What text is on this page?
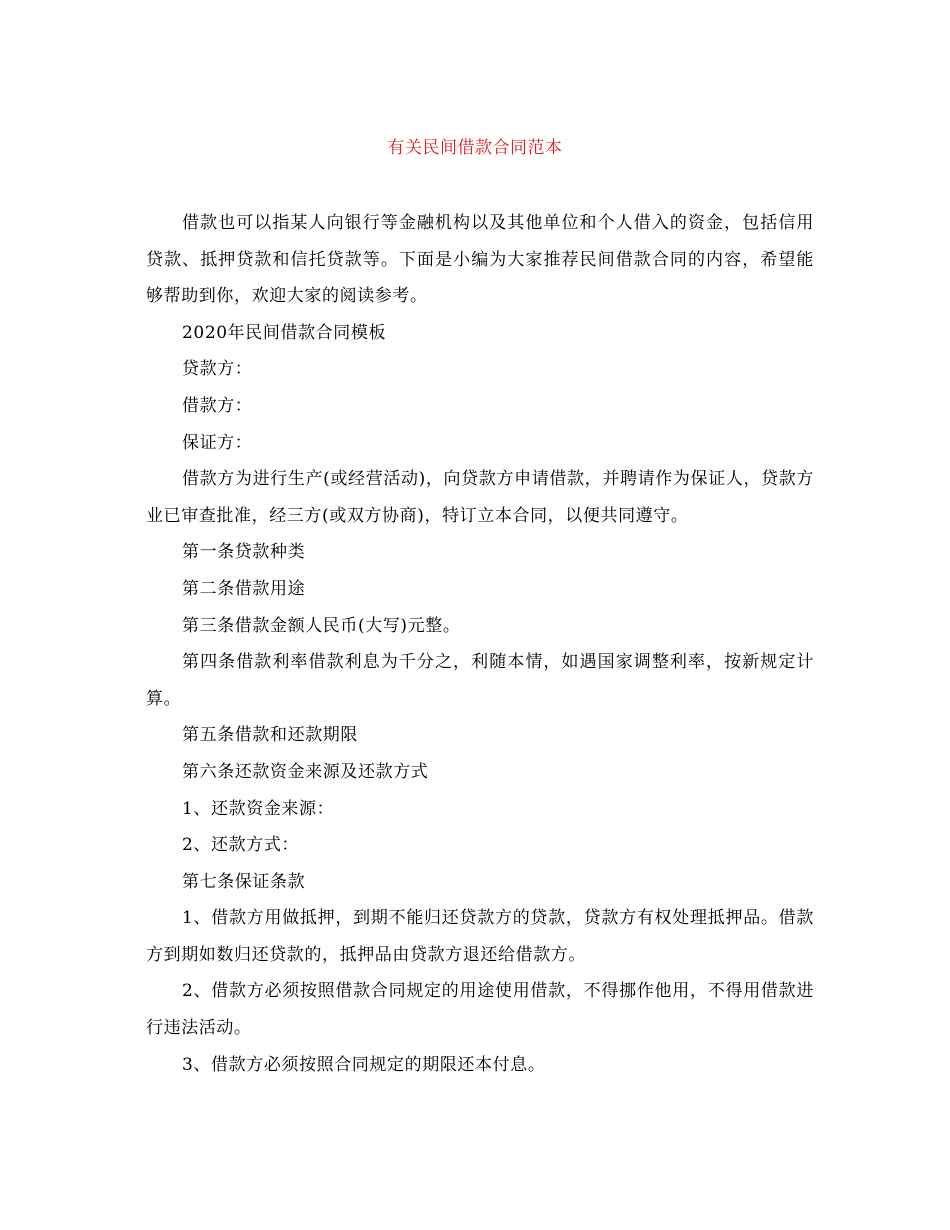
有关民间借款合同范本

借款也可以指某人向银行等金融机构以及其他单位和个人借入的资金，包括信用贷款、抵押贷款和信托贷款等。下面是小编为大家推荐民间借款合同的内容，希望能够帮助到你，欢迎大家的阅读参考。

2020年民间借款合同模板

贷款方：

借款方：

保证方：

借款方为进行生产(或经营活动)，向贷款方申请借款，并聘请作为保证人，贷款方业已审查批准，经三方(或双方协商)，特订立本合同，以便共同遵守。

第一条贷款种类

第二条借款用途

第三条借款金额人民币(大写)元整。

第四条借款利率借款利息为千分之，利随本情，如遇国家调整利率，按新规定计算。

第五条借款和还款期限

第六条还款资金来源及还款方式

1、还款资金来源：

2、还款方式：

第七条保证条款

1、借款方用做抵押，到期不能归还贷款方的贷款，贷款方有权处理抵押品。借款方到期如数归还贷款的，抵押品由贷款方退还给借款方。

2、借款方必须按照借款合同规定的用途使用借款，不得挪作他用，不得用借款进行违法活动。

3、借款方必须按照合同规定的期限还本付息。
